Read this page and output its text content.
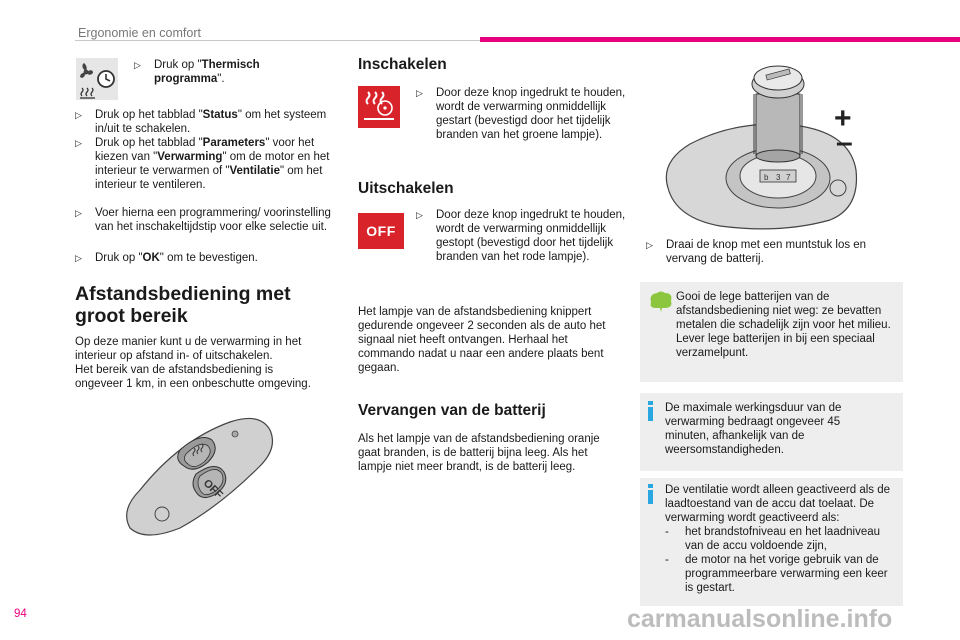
Ergonomie en comfort
▷	Druk op "Thermisch programma".
▷	Druk op het tabblad "Status" om het systeem in/uit te schakelen.
▷	Druk op het tabblad "Parameters" voor het kiezen van "Verwarming" om de motor en het interieur te verwarmen of "Ventilatie" om het interieur te ventileren.
▷	Voer hierna een programmering/ voorinstelling van het inschakeltijdstip voor elke selectie uit.
▷	Druk op "OK" om te bevestigen.
Afstandsbediening met groot bereik
Op deze manier kunt u de verwarming in het
interieur op afstand in- of uitschakelen.
Het bereik van de afstandsbediening is
ongeveer 1 km, in een onbeschutte omgeving.
OFF
Inschakelen
▷	Door deze knop ingedrukt te houden, wordt de verwarming onmiddellijk gestart (bevestigd door het tijdelijk branden van het groene lampje).
Uitschakelen
OFF
▷	Door deze knop ingedrukt te houden, wordt de verwarming onmiddellijk gestopt (bevestigd door het tijdelijk branden van het rode lampje).
Het lampje van de afstandsbediening knippert gedurende ongeveer 2 seconden als de auto het signaal niet heeft ontvangen. Herhaal het commando nadat u naar een andere plaats bent gegaan.
Vervangen van de batterij
Als het lampje van de afstandsbediening oranje gaat branden, is de batterij bijna leeg. Als het lampje niet meer brandt, is de batterij leeg.
b 3 7
+
–
▷	Draai de knop met een muntstuk los en vervang de batterij.
Gooi de lege batterijen van de afstandsbediening niet weg: ze bevatten metalen die schadelijk zijn voor het milieu. Lever lege batterijen in bij een speciaal verzamelpunt.
De maximale werkingsduur van de verwarming bedraagt ongeveer 45 minuten, afhankelijk van de weersomstandigheden.
De ventilatie wordt alleen geactiveerd als de laadtoestand van de accu dat toelaat. De verwarming wordt geactiveerd als:
- het brandstofniveau en het laadniveau van de accu voldoende zijn,
- de motor na het vorige gebruik van de programmeerbare verwarming een keer is gestart.
94	carmanualsonline.info
